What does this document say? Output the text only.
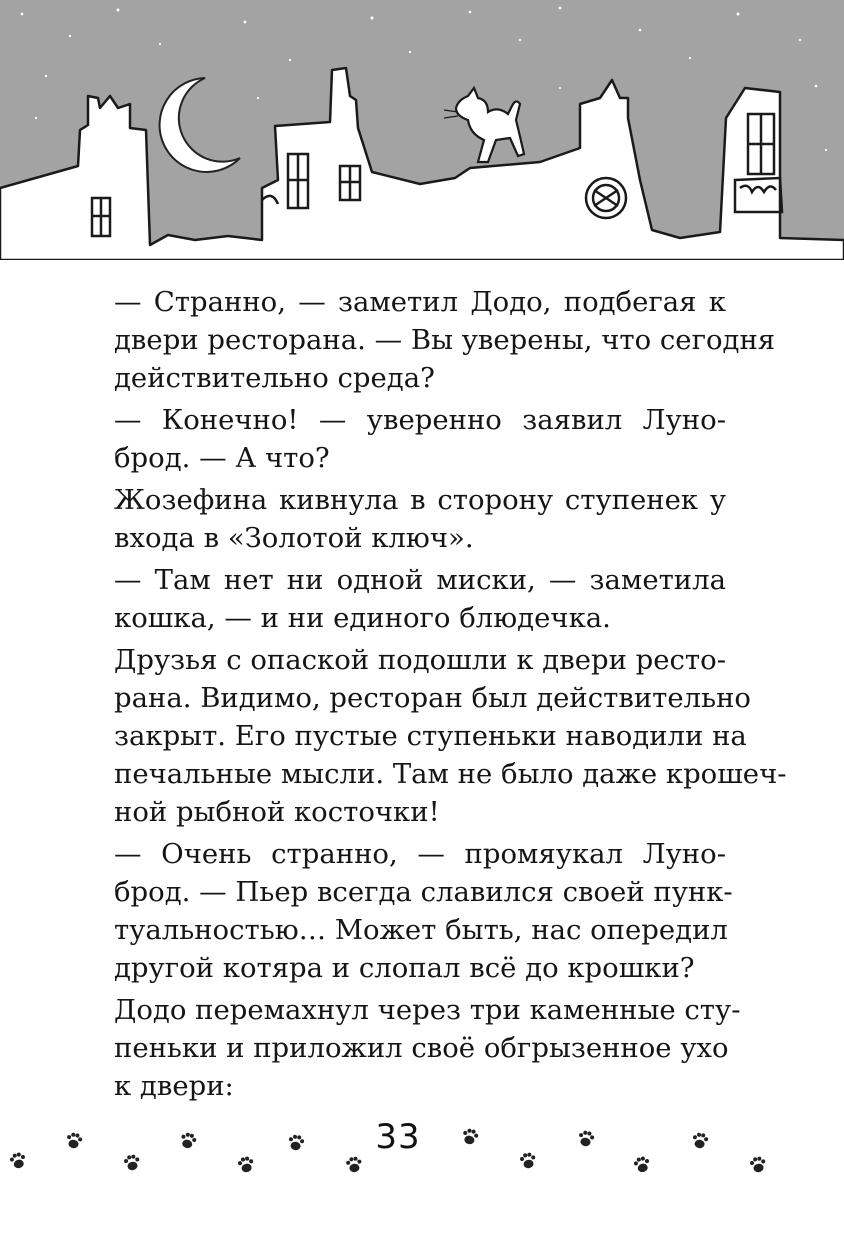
— Странно, — заметил Додо, подбегая к
двери ресторана. — Вы уверены, что сегодня
действительно среда?

— Конечно! — уверенно заявил Луно-
брод. — А что?

Жозефина кивнула в сторону ступенек у
входа в «Золотой ключ».

— Там нет ни одной миски, — заметила
кошка, — и ни единого блюдечка.

Друзья с опаской подошли к двери ресто-
рана. Видимо, ресторан был действительно
закрыт. Его пустые ступеньки наводили на
печальные мысли. Там не было даже крошеч-
ной рыбной косточки!

— Очень странно, — промяукал Луно-
брод. — Пьер всегда славился своей пунк-
туальностью… Может быть, нас опередил
другой котяра и слопал всё до крошки?

Додо перемахнул через три каменные сту-
пеньки и приложил своё обгрызенное ухо
к двери:

33
